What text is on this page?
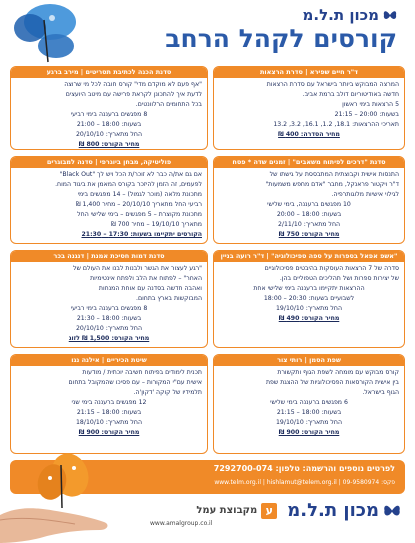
מכון ת.ל.מ
קורסים לקהל הרחב
ד"ר חיים שפירא | סדרת הרצאות

המרצה המבוקש ביותר בישראל עם סדרת הרצאות

חדשה באודיטוריום דולב ברמת אביב.

5 הרצאות בימי ראשון

בשעות: 20:00 – 21:15

תאריכי ההרצאות: 18.1, 1.2, 16.1, 3.2, 13.2

מחיר הסדרה: 400 ₪

סדנת הכנה לכתיבת תסריטים | מירב ברגע

"אף פעם לא מוקדם מדי" קורס חובה לכל מי שרוצה

לדעת איך להתכונן לקראת פרישה עם מיטב היועצים

בכל התחומים הרלוונטים.

8 מפגשים ברעננה בימי רביעי

בשעות: 18:00 – 21:00

החל מתאריך: 20/10/10

מחיר הקורס: 800 ₪

סדנת "דרכים לפיתוח משאבים" | זמנים שדה * פסח

התנסות אישית וקבוצתית המתבססת על גישתו של

ד"ר ויקטור פראנקל, מחבר "אדם מחפש משמעות"

לגילוי אישיות מלוגותרפיה.

10 מפגשים ברעננה, בימי שלישי

בשעות: 18:00 – 20:00

החל מתאריך: 2/11/10

מחיר הקורס: 750 ₪

פוליטיקה, מבחן ביוגרפי | סדנה למבוגרים

אם גם את/ה כבר לא זוכר/ת הכל ויש לך "Black Out"

לפעמים, זה הזמן להיזכר בקורס המאמן את ביגוד המוח.

מתכונת מלאה (מוכר לגמול) – 14 מפגשים בימי

רביעי החל מתאריך 20/10/10 – מחיר 1,400 ₪

מתכונת מקוצרת – 5 מפגשים – בימי שלישי החל

מתאריך 19/10/10 – מחיר 700 ₪

הקורסים יתקיימו בשעות: 17:30 – 21:30

"אשפ אפאל בספרות על ספה ספיכולוגיה" | ד"ר רועה בניין

סדרה של 7 הרצאות העוסקות בהיבטים פסיכולוגיים

של יצירות ספרות ושל תהליכים הטפוליים בהן.

ההרצאות יתקיימו ברעננה בימי שלישי אחת

לשבועיים בשעות: 20:30 – 18:00

החל מתאריך: 19/10/10

מחיר הקורס: 490 ₪

סדנת דמות חסיכת אמנת | דנגנה בכר

"רגע לעצור את הגשר ולבנות לבנו את העולם של

האחר" – לפתוח את הלב ולפתח אינטימיות

ואהבה חדשה בסדנה עם אוחת המנחות

המבוקשות בארץ בתחום.

8 מפגשים ברעננה בימי רביעי

בשעות: 18:00 – 21:30

החל מתאריך: 20/10/10

מחיר הקורס: 1,500 ₪ לזוג

שפת הסמן | רותי צור

קורס מבוקש עם מומחה לשפת הגוף ותקשורת

בין אישית הקורסאות הפסיכולוגיות של ההצגת שפת

הגוף בישראל.

6 מפגשים ברעננה בימי שלישי

בשעות: 18:00 – 21:15

החל מתאריך: 19/10/10

מחיר הקורס: 900 ₪

שיטת הכיריים | אילנה נגו

תכנית לימודים בפיתוח חשיבה יוכתית / מודעות

אישית עם"י המקורות – עם פסיכו שהמקובל בתחום

תלמידיו של קוקה 'דקון'ה.

12 מפגשים ברעננה בימי שני

בשעות: 18:00 – 21:15

החל מתאריך: 18/10/10

מחיר הקורס: 900 ₪

לפרטים נוספים והרשמה: טלפון: 7292700-074
פקס: 09-9580974 | www.telm.org.il | hishlamut@telem.org.il
מכון ת.ל.מ
ע
מקבוצת עמל
www.amalgroup.co.il
